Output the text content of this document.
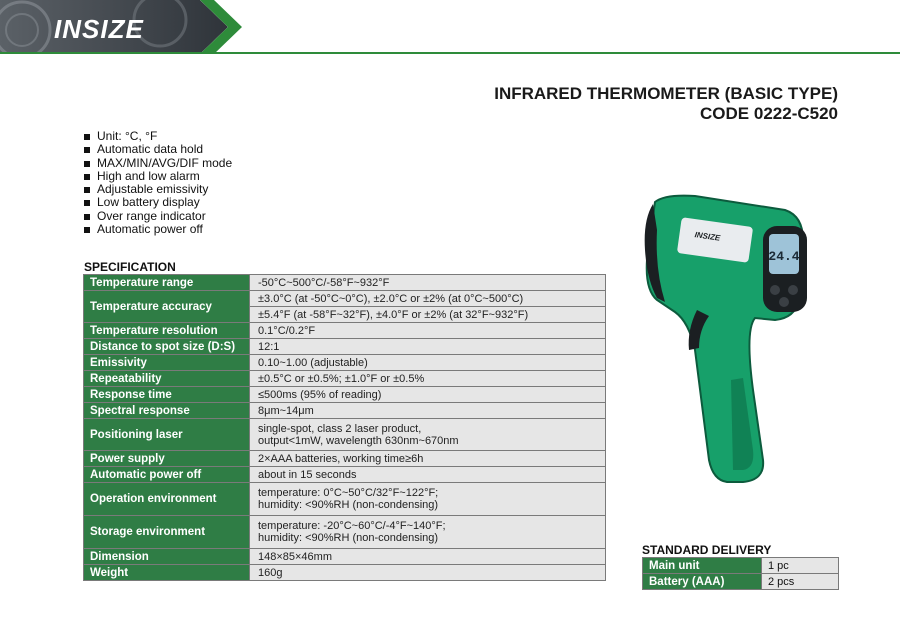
INSIZE
INFRARED THERMOMETER (BASIC TYPE)
CODE 0222-C520
Unit: °C, °F
Automatic data hold
MAX/MIN/AVG/DIF mode
High and low alarm
Adjustable emissivity
Low battery display
Over range indicator
Automatic power off
SPECIFICATION
Temperature range	-50°C~500°C/-58°F~932°F
Temperature accuracy	±3.0°C (at -50°C~0°C), ±2.0°C or ±2% (at 0°C~500°C)
	±5.4°F (at -58°F~32°F), ±4.0°F or ±2% (at 32°F~932°F)
Temperature resolution	0.1°C/0.2°F
Distance to spot size (D:S)	12:1
Emissivity	0.10~1.00 (adjustable)
Repeatability	±0.5°C or ±0.5%; ±1.0°F or ±0.5%
Response time	≤500ms (95% of reading)
Spectral response	8μm~14μm
Positioning laser	single-spot, class 2 laser product,
output<1mW, wavelength 630nm~670nm

Power supply	2×AAA batteries, working time≥6h
Automatic power off	about in 15 seconds
Operation environment	temperature: 0°C~50°C/32°F~122°F;
humidity: <90%RH (non-condensing)

Storage environment	temperature: -20°C~60°C/-4°F~140°F;
humidity: <90%RH (non-condensing)

Dimension	148×85×46mm
Weight	160g
24.4
INSIZE
STANDARD DELIVERY
Main unit	1 pc
Battery (AAA)	2 pcs
